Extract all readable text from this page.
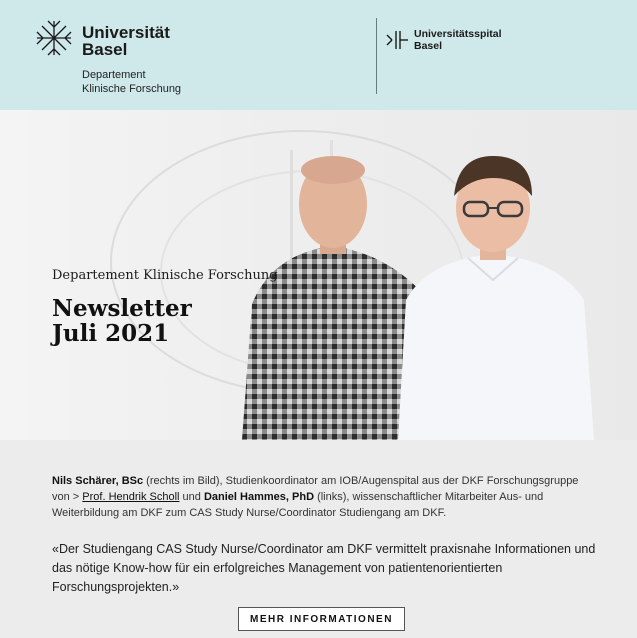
Universität
Basel
Departement
Klinische Forschung
Universitätsspital
Basel
Departement Klinische Forschung
Newsletter
Juli 2021
Nils Schärer, BSc (rechts im Bild), Studienkoordinator am IOB/Augenspital aus der DKF Forschungsgruppe von > Prof. Hendrik Scholl und Daniel Hammes, PhD (links), wissenschaftlicher Mitarbeiter Aus- und Weiterbildung am DKF zum CAS Study Nurse/Coordinator Studiengang am DKF.
«Der Studiengang CAS Study Nurse/Coordinator am DKF vermittelt praxisnahe Informationen und das nötige Know-how für ein erfolgreiches Management von patientenorientierten Forschungsprojekten.»
MEHR INFORMATIONEN
